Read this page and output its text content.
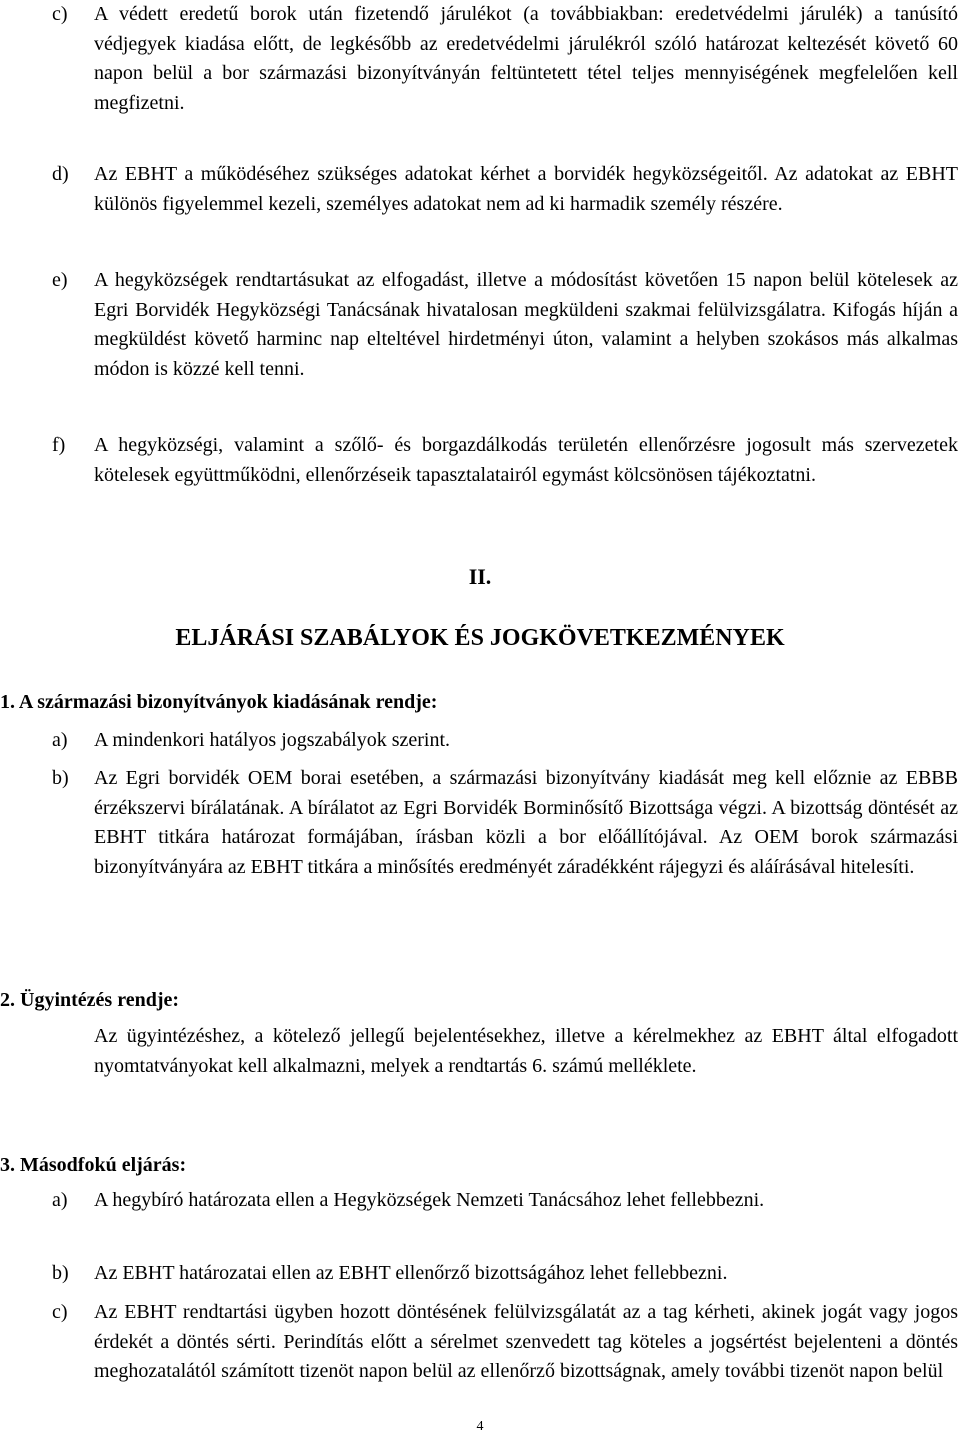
c)	A védett eredetű borok után fizetendő járulékot (a továbbiakban: eredetvédelmi járulék) a tanúsító védjegyek kiadása előtt, de legkésőbb az eredetvédelmi járulékról szóló határozat keltezését követő 60 napon belül a bor származási bizonyítványán feltüntetett tétel teljes mennyiségének megfelelően kell megfizetni.
d)	Az EBHT a működéséhez szükséges adatokat kérhet a borvidék hegyközségeitől. Az adatokat az EBHT különös figyelemmel kezeli, személyes adatokat nem ad ki harmadik személy részére.
e)	A hegyközségek rendtartásukat az elfogadást, illetve a módosítást követően 15 napon belül kötelesek az Egri Borvidék Hegyközségi Tanácsának hivatalosan megküldeni szakmai felülvizsgálatra. Kifogás híján a megküldést követő harminc nap elteltével hirdetményi úton, valamint a helyben szokásos más alkalmas módon is közzé kell tenni.
f)	A hegyközségi, valamint a szőlő- és borgazdálkodás területén ellenőrzésre jogosult más szervezetek kötelesek együttműködni, ellenőrzéseik tapasztalatairól egymást kölcsönösen tájékoztatni.
II.
ELJÁRÁSI SZABÁLYOK ÉS JOGKÖVETKEZMÉNYEK
1. A származási bizonyítványok kiadásának rendje:
a)	A mindenkori hatályos jogszabályok szerint.
b)	Az Egri borvidék OEM borai esetében, a származási bizonyítvány kiadását meg kell előznie az EBBB érzékszervi bírálatának. A bírálatot az Egri Borvidék Borminősítő Bizottsága végzi. A bizottság döntését az EBHT titkára határozat formájában, írásban közli a bor előállítójával. Az OEM borok származási bizonyítványára az EBHT titkára a minősítés eredményét záradékként rájegyzi és aláírásával hitelesíti.
2. Ügyintézés rendje:
Az ügyintézéshez, a kötelező jellegű bejelentésekhez, illetve a kérelmekhez az EBHT által elfogadott nyomtatványokat kell alkalmazni, melyek a rendtartás 6. számú melléklete.
3. Másodfokú eljárás:
a)	A hegybíró határozata ellen a Hegyközségek Nemzeti Tanácsához lehet fellebbezni.
b)	Az EBHT határozatai ellen az EBHT ellenőrző bizottságához lehet fellebbezni.
c)	Az EBHT rendtartási ügyben hozott döntésének felülvizsgálatát az a tag kérheti, akinek jogát vagy jogos érdekét a döntés sérti. Perindítás előtt a sérelmet szenvedett tag köteles a jogsértést bejelenteni a döntés meghozatalától számított tizenöt napon belül az ellenőrző bizottságnak, amely további tizenöt napon belül
4
